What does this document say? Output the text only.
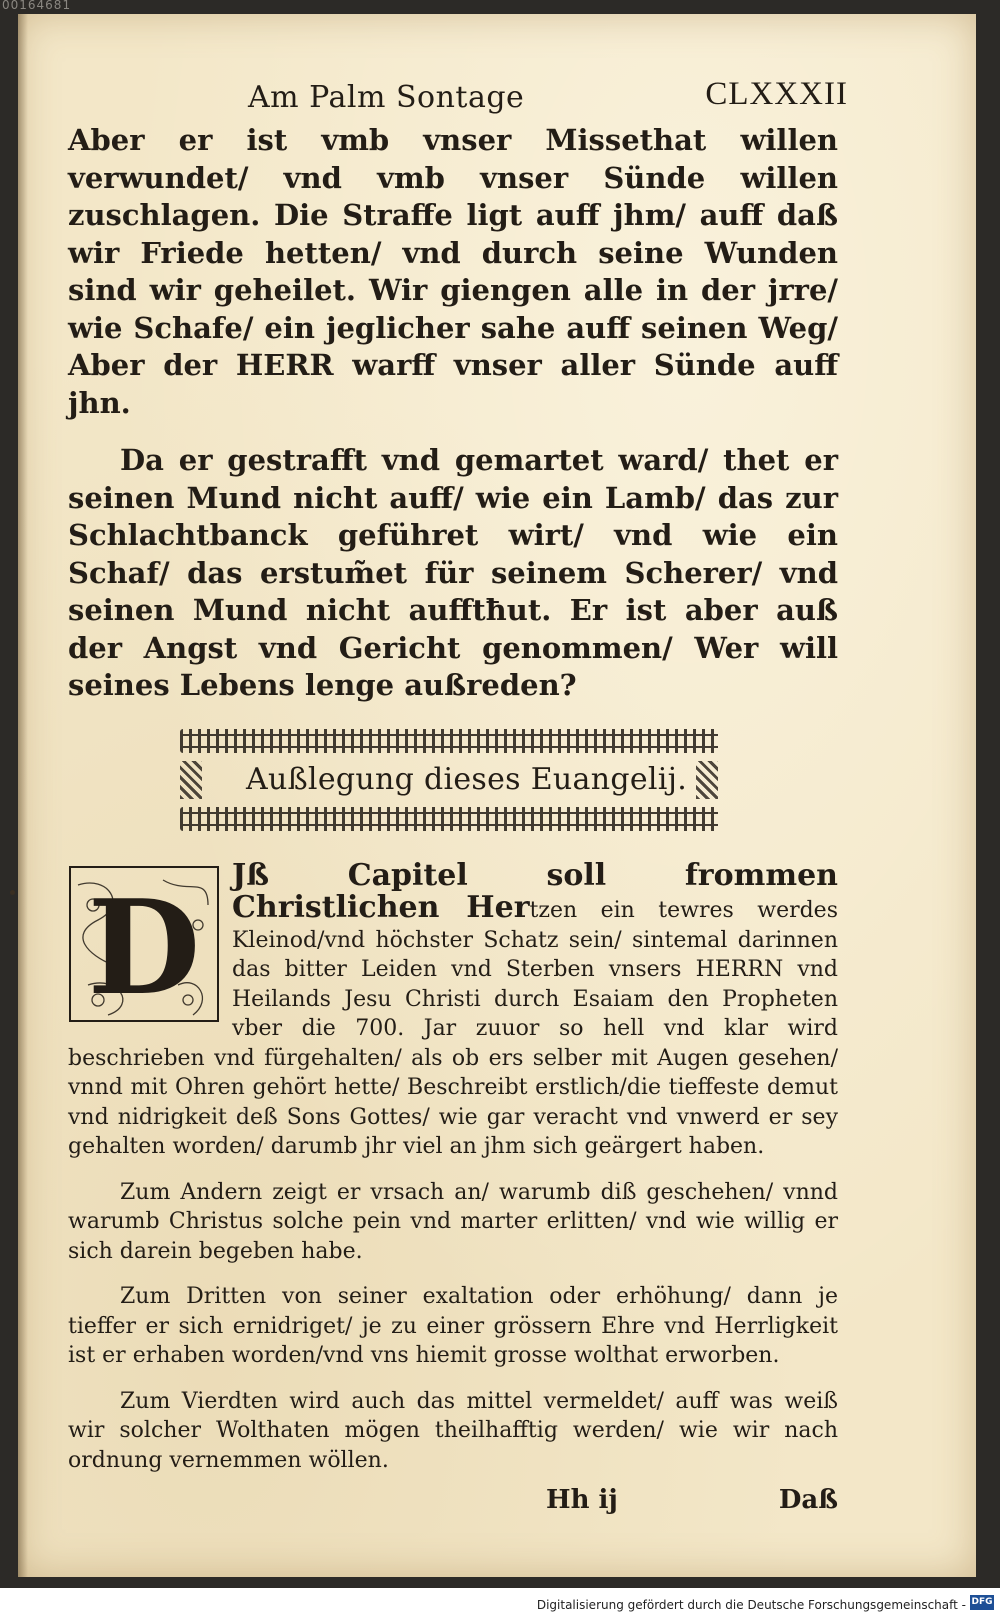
00164681
Am Palm Sontage	CLXXXII

Aber er ist vmb vnser Missethat willen verwundet/ vnd vmb vnser Sünde willen zuschlagen. Die Straffe ligt auff jhm/ auff daß wir Friede hetten/ vnd durch seine Wunden sind wir geheilet. Wir giengen alle in der jrre/ wie Schafe/ ein jeglicher sahe auff seinen Weg/ Aber der HERR warff vnser aller Sünde auff jhn.

Da er gestrafft vnd gemartet ward/ thet er seinen Mund nicht auff/ wie ein Lamb/ das zur Schlachtbanck geführet wirt/ vnd wie ein Schaf/ das erstum̃et für seinem Scherer/ vnd seinen Mund nicht aufftħut. Er ist aber auß der Angst vnd Gericht genommen/ Wer will seines Lebens lenge außreden?

Außlegung dieses Euangelij.
D	Jß Capitel soll frommen Christlichen Hertzen ein tewres werdes Kleinod/vnd höchster Schatz sein/ sintemal darinnen das bitter Leiden vnd Sterben vnsers HERRN vnd Heilands Jesu Christi durch Esaiam den Propheten vber die 700. Jar zuuor so hell vnd klar wird beschrieben vnd fürgehalten/ als ob ers selber mit Augen gesehen/ vnnd mit Ohren gehört hette/ Beschreibt erstlich/die tieffeste demut vnd nidrigkeit deß Sons Gottes/ wie gar veracht vnd vnwerd er sey gehalten worden/ darumb jhr viel an jhm sich geärgert haben.

Zum Andern zeigt er vrsach an/ warumb diß geschehen/ vnnd warumb Christus solche pein vnd marter erlitten/ vnd wie willig er sich darein begeben habe.

Zum Dritten von seiner exaltation oder erhöhung/ dann je tieffer er sich ernidriget/ je zu einer grössern Ehre vnd Herrligkeit ist er erhaben worden/vnd vns hiemit grosse wolthat erworben.

Zum Vierdten wird auch das mittel vermeldet/ auff was weiß wir solcher Wolthaten mögen theilhafftig werden/ wie wir nach ordnung vernemmen wöllen.

Hh ij	Daß
Digitalisierung gefördert durch die Deutsche Forschungsgemeinschaft - DFG
